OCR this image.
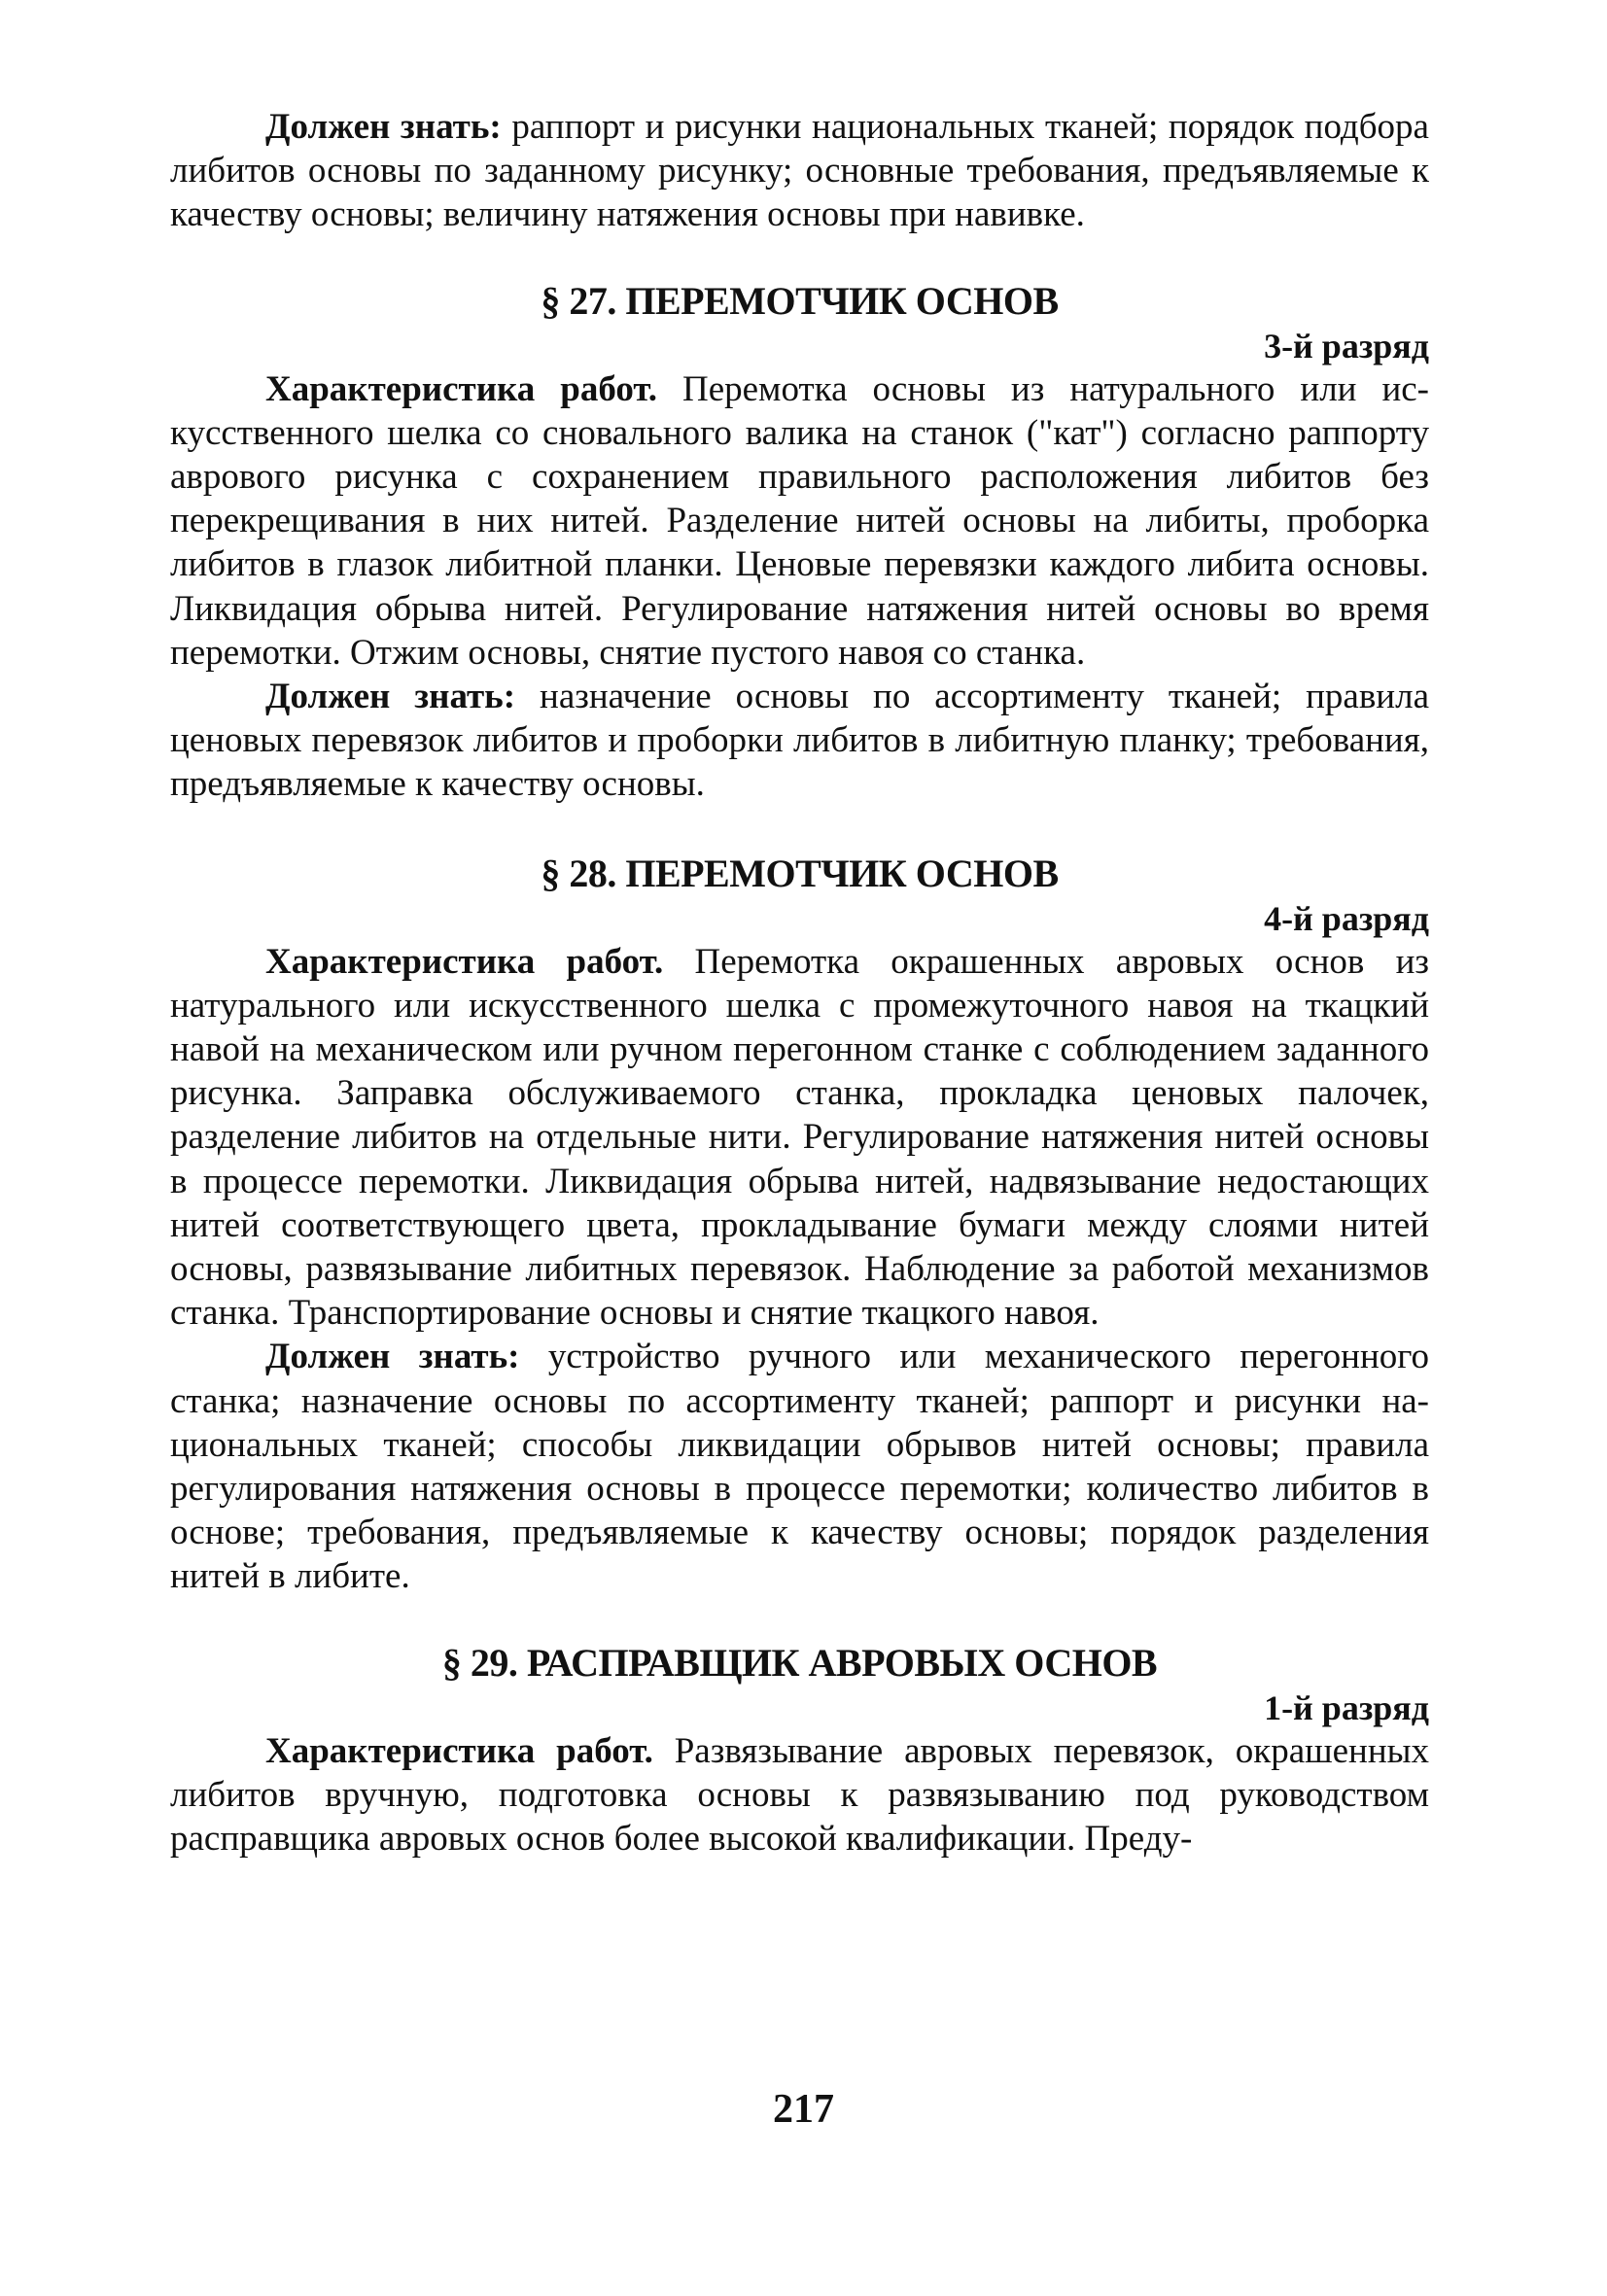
Должен знать: раппорт и рисунки национальных тканей; порядок подбора либитов основы по заданному рисунку; основные требования, предъявляемые к качеству основы; величину натяжения основы при навивке.

§ 27. ПЕРЕМОТЧИК ОСНОВ
3-й разряд

Характеристика работ. Перемотка основы из натурального или искусственного шелка со сновального валика на станок ("кат") согласно раппорту аврового рисунка с сохранением правильного расположения либитов без перекрещивания в них нитей. Разделение нитей основы на либиты, проборка либитов в глазок либитной планки. Ценовые перевязки каждого либита основы. Ликвидация обрыва нитей. Регулирование натяжения нитей основы во время перемотки. Отжим основы, снятие пустого навоя со станка.

Должен знать: назначение основы по ассортименту тканей; правила ценовых перевязок либитов и проборки либитов в либитную планку; требования, предъявляемые к качеству основы.

§ 28. ПЕРЕМОТЧИК ОСНОВ
4-й разряд

Характеристика работ. Перемотка окрашенных авровых основ из натурального или искусственного шелка с промежуточного навоя на ткацкий навой на механическом или ручном перегонном станке с соблюдением заданного рисунка. Заправка обслуживаемого станка, прокладка ценовых палочек, разделение либитов на отдельные нити. Регулирование натяжения нитей основы в процессе перемотки. Ликвидация обрыва нитей, надвязывание недостающих нитей соответствующего цвета, прокладывание бумаги между слоями нитей основы, развязывание либитных перевязок. Наблюдение за работой механизмов станка. Транспортирование основы и снятие ткацкого навоя.

Должен знать: устройство ручного или механического перегонного станка; назначение основы по ассортименту тканей; раппорт и рисунки национальных тканей; способы ликвидации обрывов нитей основы; правила регулирования натяжения основы в процессе перемотки; количество либитов в основе; требования, предъявляемые к качеству основы; порядок разделения нитей в либите.

§ 29. РАСПРАВЩИК АВРОВЫХ ОСНОВ
1-й разряд

Характеристика работ. Развязывание авровых перевязок, окрашенных либитов вручную, подготовка основы к развязыванию под руководством расправщика авровых основ более высокой квалификации. Преду-

217
